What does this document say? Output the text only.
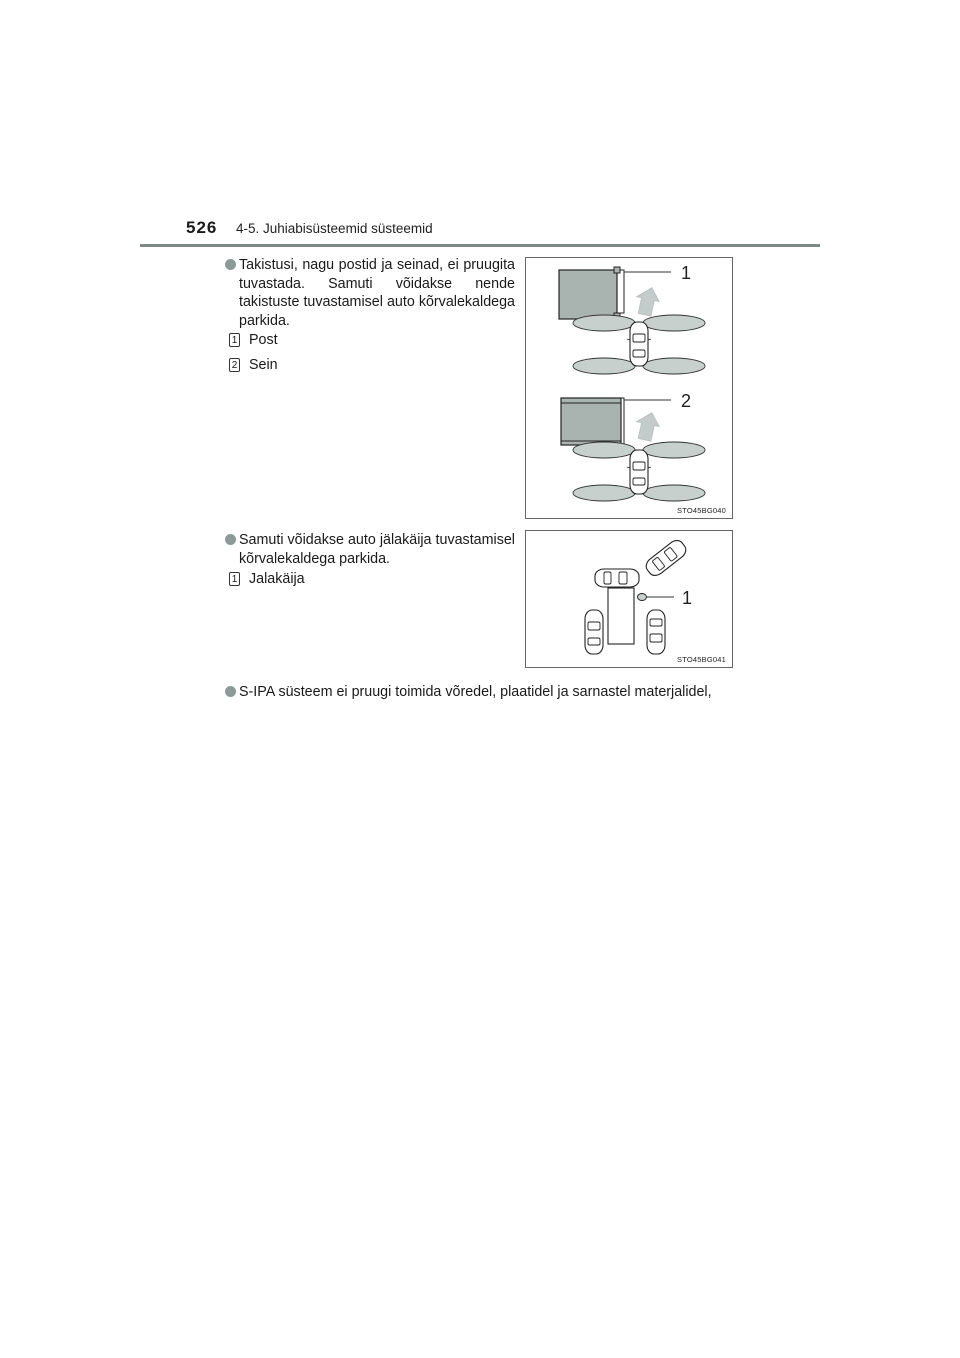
526 4-5. Juhiabisüsteemid süsteemid
Takistusi, nagu postid ja seinad, ei pruugita tuvastada. Samuti võidakse nende takistuste tuvastamisel auto kõrvalekaldega parkida.
1 Post
2 Sein
1
2
STO45BG040
Samuti võidakse auto jälakäija tuvastamisel kõrvalekaldega parkida.
1 Jalakäija
1
STO45BG041
S-IPA süsteem ei pruugi toimida võredel, plaatidel ja sarnastel materjalidel,
